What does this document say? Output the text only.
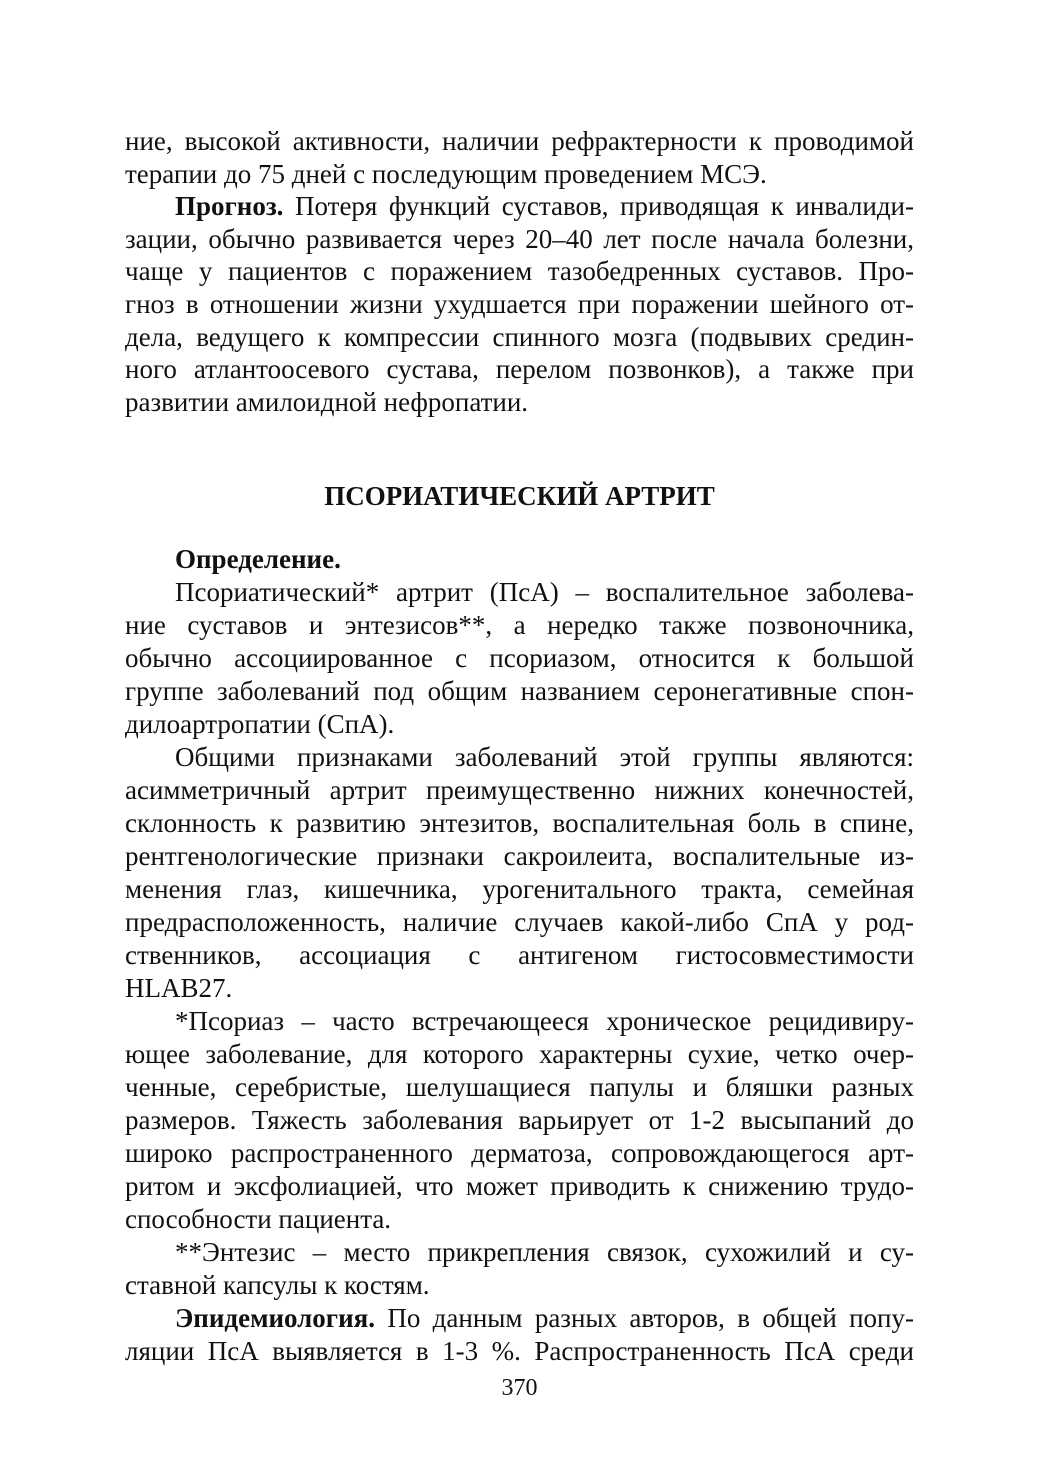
ние, высокой активности, наличии рефрактерности к проводимой
терапии до 75 дней с последующим проведением МСЭ.
Прогноз. Потеря функций суставов, приводящая к инвалиди-
зации, обычно развивается через 20–40 лет после начала болезни,
чаще у пациентов с поражением тазобедренных суставов. Про-
гноз в отношении жизни ухудшается при поражении шейного от-
дела, ведущего к компрессии спинного мозга (подвывих средин-
ного атлантоосевого сустава, перелом позвонков), а также при
развитии амилоидной нефропатии.
ПСОРИАТИЧЕСКИЙ АРТРИТ
Определение.
Псориатический* артрит (ПсА) – воспалительное заболева-
ние суставов и энтезисов**, а нередко также позвоночника,
обычно ассоциированное с псориазом, относится к большой
группе заболеваний под общим названием серонегативные спон-
дилоартропатии (СпА).
Общими признаками заболеваний этой группы являются:
асимметричный артрит преимущественно нижних конечностей,
склонность к развитию энтезитов, воспалительная боль в спине,
рентгенологические признаки сакроилеита, воспалительные из-
менения глаз, кишечника, урогенитального тракта, семейная
предрасположенность, наличие случаев какой-либо СпА у род-
ственников, ассоциация с антигеном гистосовместимости
HLAB27.
*Псориаз – часто встречающееся хроническое рецидивиру-
ющее заболевание, для которого характерны сухие, четко очер-
ченные, серебристые, шелушащиеся папулы и бляшки разных
размеров. Тяжесть заболевания варьирует от 1-2 высыпаний до
широко распространенного дерматоза, сопровождающегося арт-
ритом и эксфолиацией, что может приводить к снижению трудо-
способности пациента.
**Энтезис – место прикрепления связок, сухожилий и су-
ставной капсулы к костям.
Эпидемиология. По данным разных авторов, в общей попу-
ляции ПсА выявляется в 1-3 %. Распространенность ПсА среди
370
